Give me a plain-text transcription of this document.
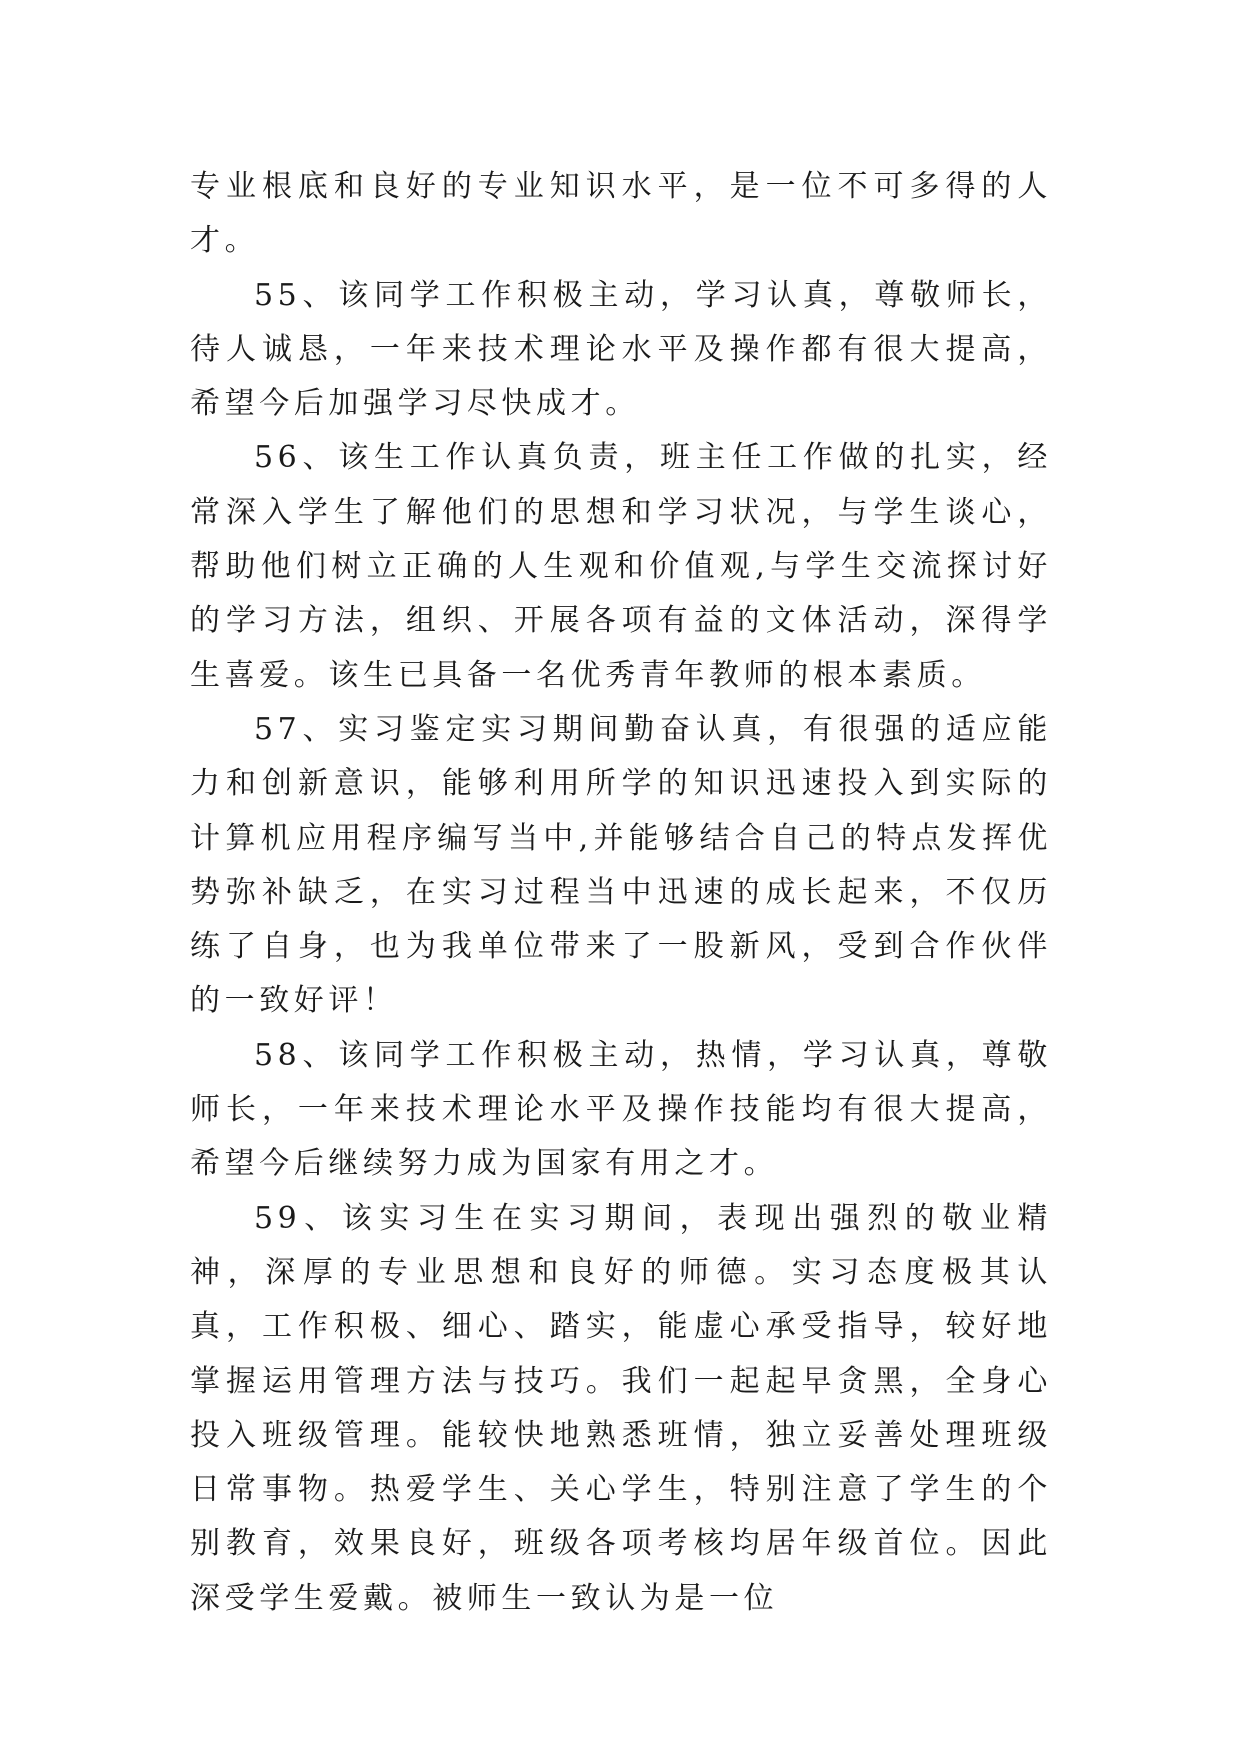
专业根底和良好的专业知识水平，是一位不可多得的人才。

55、该同学工作积极主动，学习认真，尊敬师长，待人诚恳，一年来技术理论水平及操作都有很大提高，希望今后加强学习尽快成才。

56、该生工作认真负责，班主任工作做的扎实，经常深入学生了解他们的思想和学习状况，与学生谈心，帮助他们树立正确的人生观和价值观,与学生交流探讨好的学习方法，组织、开展各项有益的文体活动，深得学生喜爱。该生已具备一名优秀青年教师的根本素质。

57、实习鉴定实习期间勤奋认真，有很强的适应能力和创新意识，能够利用所学的知识迅速投入到实际的计算机应用程序编写当中,并能够结合自己的特点发挥优势弥补缺乏，在实习过程当中迅速的成长起来，不仅历练了自身，也为我单位带来了一股新风，受到合作伙伴的一致好评！

58、该同学工作积极主动，热情，学习认真，尊敬师长，一年来技术理论水平及操作技能均有很大提高，希望今后继续努力成为国家有用之才。

59、该实习生在实习期间，表现出强烈的敬业精神，深厚的专业思想和良好的师德。实习态度极其认真，工作积极、细心、踏实，能虚心承受指导，较好地掌握运用管理方法与技巧。我们一起起早贪黑，全身心投入班级管理。能较快地熟悉班情，独立妥善处理班级日常事物。热爱学生、关心学生，特别注意了学生的个别教育，效果良好，班级各项考核均居年级首位。因此深受学生爱戴。被师生一致认为是一位
